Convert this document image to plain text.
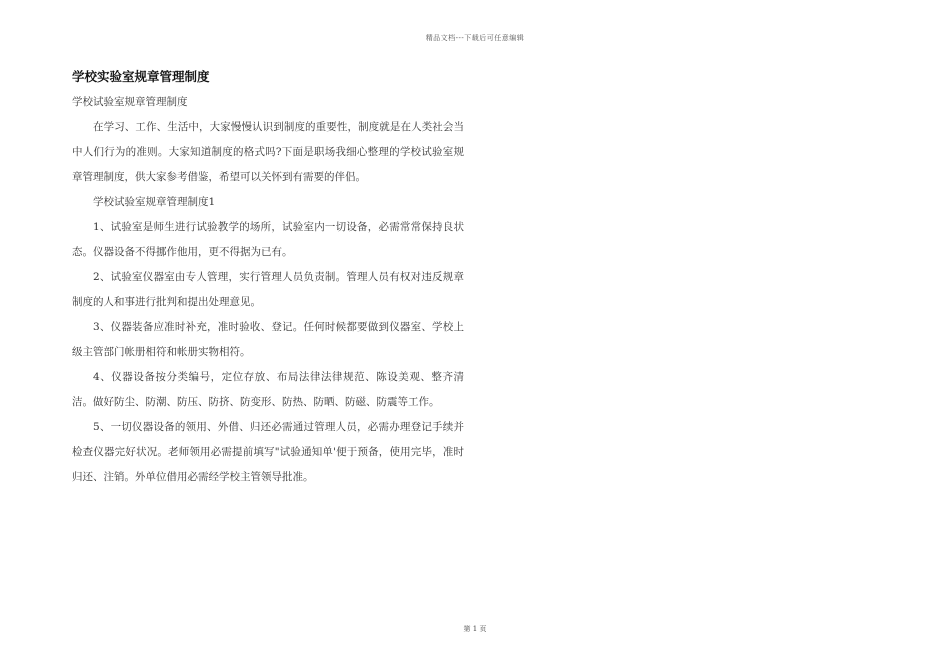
精品文档---下载后可任意编辑
学校实验室规章管理制度

学校试验室规章管理制度

在学习、工作、生活中，大家慢慢认识到制度的重要性，制度就是在人类社会当中人们行为的准则。大家知道制度的格式吗?下面是职场我细心整理的学校试验室规章管理制度，供大家参考借鉴，希望可以关怀到有需要的伴侣。

学校试验室规章管理制度1

1、试验室是师生进行试验教学的场所，试验室内一切设备，必需常常保持良状态。仪器设备不得挪作他用，更不得据为已有。

2、试验室仪器室由专人管理，实行管理人员负责制。管理人员有权对违反规章制度的人和事进行批判和提出处理意见。

3、仪器装备应准时补充，准时验收、登记。任何时候都要做到仪器室、学校上级主管部门帐册相符和帐册实物相符。

4、仪器设备按分类编号，定位存放、布局法律法律规范、陈设美观、整齐清洁。做好防尘、防潮、防压、防挤、防变形、防热、防晒、防磁、防震等工作。

5、一切仪器设备的领用、外借、归还必需通过管理人员，必需办理登记手续并检查仪器完好状况。老师领用必需提前填写"试验通知单'便于预备，使用完毕，准时归还、注销。外单位借用必需经学校主管领导批准。

第 1 页
